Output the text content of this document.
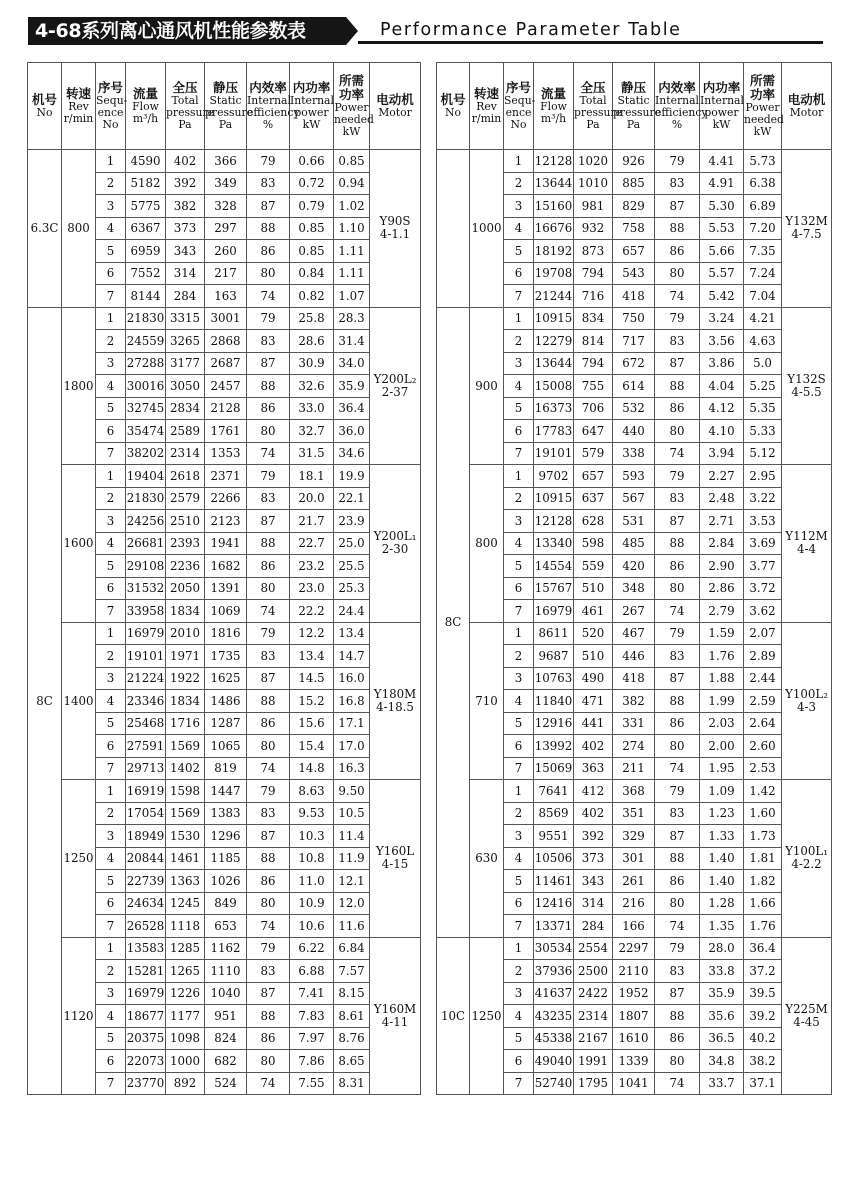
4-68系列离心通风机性能参数表	Performance Parameter Table
机号
No	转速
Rev
r/min	序号
Sequ-
ence
No	流量
Flow
m³/h	全压
Total
pressure
Pa	静压
Static
pressure
Pa	内效率
Internal
efficiency
%	内功率
Internal
power
kW	所需功率
Power
needed
kW	电动机
Motor

6.3C	800	1	4590	402	366	79	0.66	0.85	Y90S
4-1.1

		2	5182	392	349	83	0.72	0.94	
		3	5775	382	328	87	0.79	1.02	
		4	6367	373	297	88	0.85	1.10	
		5	6959	343	260	86	0.85	1.11	
		6	7552	314	217	80	0.84	1.11	
		7	8144	284	163	74	0.82	1.07	
8C	1800	1	21830	3315	3001	79	25.8	28.3	Y200L₂
2-37

		2	24559	3265	2868	83	28.6	31.4	
		3	27288	3177	2687	87	30.9	34.0	
		4	30016	3050	2457	88	32.6	35.9	
		5	32745	2834	2128	86	33.0	36.4	
		6	35474	2589	1761	80	32.7	36.0	
		7	38202	2314	1353	74	31.5	34.6	
	1600	1	19404	2618	2371	79	18.1	19.9	Y200L₁
2-30

		2	21830	2579	2266	83	20.0	22.1	
		3	24256	2510	2123	87	21.7	23.9	
		4	26681	2393	1941	88	22.7	25.0	
		5	29108	2236	1682	86	23.2	25.5	
		6	31532	2050	1391	80	23.0	25.3	
		7	33958	1834	1069	74	22.2	24.4	
	1400	1	16979	2010	1816	79	12.2	13.4	Y180M
4-18.5

		2	19101	1971	1735	83	13.4	14.7	
		3	21224	1922	1625	87	14.5	16.0	
		4	23346	1834	1486	88	15.2	16.8	
		5	25468	1716	1287	86	15.6	17.1	
		6	27591	1569	1065	80	15.4	17.0	
		7	29713	1402	819	74	14.8	16.3	
	1250	1	16919	1598	1447	79	8.63	9.50	Y160L
4-15

		2	17054	1569	1383	83	9.53	10.5	
		3	18949	1530	1296	87	10.3	11.4	
		4	20844	1461	1185	88	10.8	11.9	
		5	22739	1363	1026	86	11.0	12.1	
		6	24634	1245	849	80	10.9	12.0	
		7	26528	1118	653	74	10.6	11.6	
	1120	1	13583	1285	1162	79	6.22	6.84	Y160M
4-11

		2	15281	1265	1110	83	6.88	7.57	
		3	16979	1226	1040	87	7.41	8.15	
		4	18677	1177	951	88	7.83	8.61	
		5	20375	1098	824	86	7.97	8.76	
		6	22073	1000	682	80	7.86	8.65	
		7	23770	892	524	74	7.55	8.31	
机号
No	转速
Rev
r/min	序号
Sequ-
ence
No	流量
Flow
m³/h	全压
Total
pressure
Pa	静压
Static
pressure
Pa	内效率
Internal
efficiency
%	内功率
Internal
power
kW	所需功率
Power
needed
kW	电动机
Motor

	1000	1	12128	1020	926	79	4.41	5.73	Y132M
4-7.5

		2	13644	1010	885	83	4.91	6.38	
		3	15160	981	829	87	5.30	6.89	
		4	16676	932	758	88	5.53	7.20	
		5	18192	873	657	86	5.66	7.35	
		6	19708	794	543	80	5.57	7.24	
		7	21244	716	418	74	5.42	7.04	
8C	900	1	10915	834	750	79	3.24	4.21	Y132S
4-5.5

		2	12279	814	717	83	3.56	4.63	
		3	13644	794	672	87	3.86	5.0	
		4	15008	755	614	88	4.04	5.25	
		5	16373	706	532	86	4.12	5.35	
		6	17783	647	440	80	4.10	5.33	
		7	19101	579	338	74	3.94	5.12	
	800	1	9702	657	593	79	2.27	2.95	Y112M
4-4

		2	10915	637	567	83	2.48	3.22	
		3	12128	628	531	87	2.71	3.53	
		4	13340	598	485	88	2.84	3.69	
		5	14554	559	420	86	2.90	3.77	
		6	15767	510	348	80	2.86	3.72	
		7	16979	461	267	74	2.79	3.62	
	710	1	8611	520	467	79	1.59	2.07	Y100L₂
4-3

		2	9687	510	446	83	1.76	2.89	
		3	10763	490	418	87	1.88	2.44	
		4	11840	471	382	88	1.99	2.59	
		5	12916	441	331	86	2.03	2.64	
		6	13992	402	274	80	2.00	2.60	
		7	15069	363	211	74	1.95	2.53	
	630	1	7641	412	368	79	1.09	1.42	Y100L₁
4-2.2

		2	8569	402	351	83	1.23	1.60	
		3	9551	392	329	87	1.33	1.73	
		4	10506	373	301	88	1.40	1.81	
		5	11461	343	261	86	1.40	1.82	
		6	12416	314	216	80	1.28	1.66	
		7	13371	284	166	74	1.35	1.76	
10C	1250	1	30534	2554	2297	79	28.0	36.4	Y225M
4-45

		2	37936	2500	2110	83	33.8	37.2	
		3	41637	2422	1952	87	35.9	39.5	
		4	43235	2314	1807	88	35.6	39.2	
		5	45338	2167	1610	86	36.5	40.2	
		6	49040	1991	1339	80	34.8	38.2	
		7	52740	1795	1041	74	33.7	37.1	
